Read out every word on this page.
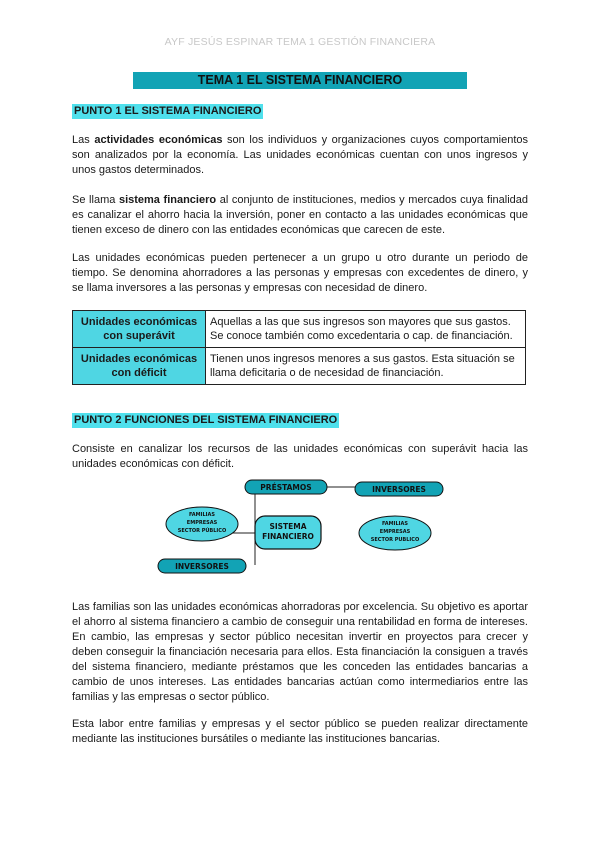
AYF JESÚS ESPINAR TEMA 1 GESTIÓN FINANCIERA
TEMA 1 EL SISTEMA FINANCIERO
PUNTO 1 EL SISTEMA FINANCIERO

Las actividades económicas son los individuos y organizaciones cuyos comportamientos son analizados por la economía. Las unidades económicas cuentan con unos ingresos y unos gastos determinados.

Se llama sistema financiero al conjunto de instituciones, medios y mercados cuya finalidad es canalizar el ahorro hacia la inversión, poner en contacto a las unidades económicas que tienen exceso de dinero con las entidades económicas que carecen de este.

Las unidades económicas pueden pertenecer a un grupo u otro durante un periodo de tiempo. Se denomina ahorradores a las personas y empresas con excedentes de dinero, y se llama inversores a las personas y empresas con necesidad de dinero.

Unidades económicas con superávit	Aquellas a las que sus ingresos son mayores que sus gastos. Se conoce también como excedentaria o cap. de financiación.
Unidades económicas con déficit	Tienen unos ingresos menores a sus gastos. Esta situación se llama deficitaria o de necesidad de financiación.
PUNTO 2 FUNCIONES DEL SISTEMA FINANCIERO

Consiste en canalizar los recursos de las unidades económicas con superávit hacia las unidades económicas con déficit.

PRÉSTAMOS	INVERSORES
FAMILIAS
EMPRESAS
SECTOR PÚBLICO	SISTEMA
FINANCIERO
FAMILIAS
EMPRESAS
SECTOR PUBLICO
INVERSORES

Las familias son las unidades económicas ahorradoras por excelencia. Su objetivo es aportar el ahorro al sistema financiero a cambio de conseguir una rentabilidad en forma de intereses. En cambio, las empresas y sector público necesitan invertir en proyectos para crecer y deben conseguir la financiación necesaria para ellos. Esta financiación la consiguen a través del sistema financiero, mediante préstamos que les conceden las entidades bancarias a cambio de unos intereses. Las entidades bancarias actúan como intermediarios entre las familias y las empresas o sector público.

Esta labor entre familias y empresas y el sector público se pueden realizar directamente mediante las instituciones bursátiles o mediante las instituciones bancarias.
